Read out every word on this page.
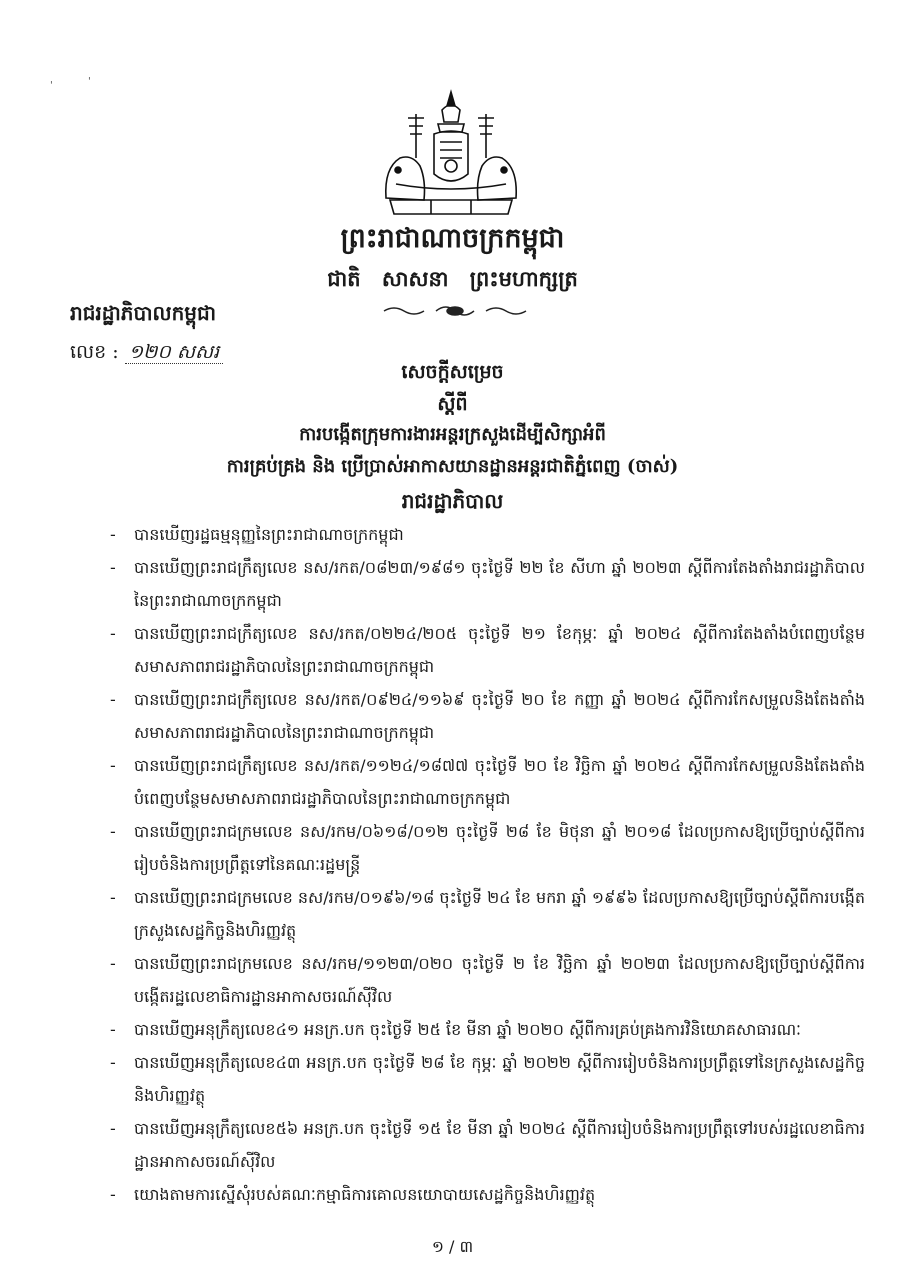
'	'
ព្រះរាជាណាចក្រកម្ពុជា
ជាតិ សាសនា ព្រះមហាក្សត្រ
រាជរដ្ឋាភិបាលកម្ពុជា
លេខ : ១២០ សសរ
សេចក្តីសម្រេច
ស្តីពី
ការបង្កើតក្រុមការងារអន្តរក្រសួងដើម្បីសិក្សាអំពី
ការគ្រប់គ្រង និង ប្រើប្រាស់អាកាសយានដ្ឋានអន្តរជាតិភ្នំពេញ (ចាស់)
រាជរដ្ឋាភិបាល
- បានឃើញរដ្ឋធម្មនុញ្ញនៃព្រះរាជាណាចក្រកម្ពុជា
- បានឃើញព្រះរាជក្រឹត្យលេខ នស/រកត/០៨២៣/១៩៨១ ចុះថ្ងៃទី ២២ ខែ សីហា ឆ្នាំ ២០២៣ ស្តីពីការតែងតាំងរាជរដ្ឋាភិបាលនៃព្រះរាជាណាចក្រកម្ពុជា
- បានឃើញព្រះរាជក្រឹត្យលេខ នស/រកត/០២២៤/២០៥ ចុះថ្ងៃទី ២១ ខែកុម្ភៈ ឆ្នាំ ២០២៤ ស្តីពីការតែងតាំងបំពេញបន្ថែមសមាសភាពរាជរដ្ឋាភិបាលនៃព្រះរាជាណាចក្រកម្ពុជា
- បានឃើញព្រះរាជក្រឹត្យលេខ នស/រកត/០៩២៤/១១៦៩ ចុះថ្ងៃទី ២០ ខែ កញ្ញា ឆ្នាំ ២០២៤ ស្តីពីការកែសម្រួលនិងតែងតាំងសមាសភាពរាជរដ្ឋាភិបាលនៃព្រះរាជាណាចក្រកម្ពុជា
- បានឃើញព្រះរាជក្រឹត្យលេខ នស/រកត/១១២៤/១៨៧៧ ចុះថ្ងៃទី ២០ ខែ វិច្ឆិកា ឆ្នាំ ២០២៤ ស្តីពីការកែសម្រួលនិងតែងតាំងបំពេញបន្ថែមសមាសភាពរាជរដ្ឋាភិបាលនៃព្រះរាជាណាចក្រកម្ពុជា
- បានឃើញព្រះរាជក្រមលេខ នស/រកម/០៦១៨/០១២ ចុះថ្ងៃទី ២៨ ខែ មិថុនា ឆ្នាំ ២០១៨ ដែលប្រកាសឱ្យប្រើច្បាប់ស្តីពីការរៀបចំនិងការប្រព្រឹត្តទៅនៃគណៈរដ្ឋមន្ត្រី
- បានឃើញព្រះរាជក្រមលេខ នស/រកម/០១៩៦/១៨ ចុះថ្ងៃទី ២៤ ខែ មករា ឆ្នាំ ១៩៩៦ ដែលប្រកាសឱ្យប្រើច្បាប់ស្តីពីការបង្កើតក្រសួងសេដ្ឋកិច្ចនិងហិរញ្ញវត្ថុ
- បានឃើញព្រះរាជក្រមលេខ នស/រកម/១១២៣/០២០ ចុះថ្ងៃទី ២ ខែ វិច្ឆិកា ឆ្នាំ ២០២៣ ដែលប្រកាសឱ្យប្រើច្បាប់ស្តីពីការបង្កើតរដ្ឋលេខាធិការដ្ឋានអាកាសចរណ៍ស៊ីវិល
- បានឃើញអនុក្រឹត្យលេខ៤១ អនក្រ.បក ចុះថ្ងៃទី ២៥ ខែ មីនា ឆ្នាំ ២០២០ ស្តីពីការគ្រប់គ្រងការវិនិយោគសាធារណៈ
- បានឃើញអនុក្រឹត្យលេខ៤៣ អនក្រ.បក ចុះថ្ងៃទី ២៨ ខែ កុម្ភៈ ឆ្នាំ ២០២២ ស្តីពីការរៀបចំនិងការប្រព្រឹត្តទៅនៃក្រសួងសេដ្ឋកិច្ចនិងហិរញ្ញវត្ថុ
- បានឃើញអនុក្រឹត្យលេខ៥៦ អនក្រ.បក ចុះថ្ងៃទី ១៥ ខែ មីនា ឆ្នាំ ២០២៤ ស្តីពីការរៀបចំនិងការប្រព្រឹត្តទៅរបស់រដ្ឋលេខាធិការដ្ឋានអាកាសចរណ៍ស៊ីវិល
- យោងតាមការស្នើសុំរបស់គណៈកម្មាធិការគោលនយោបាយសេដ្ឋកិច្ចនិងហិរញ្ញវត្ថុ
១ / ៣
